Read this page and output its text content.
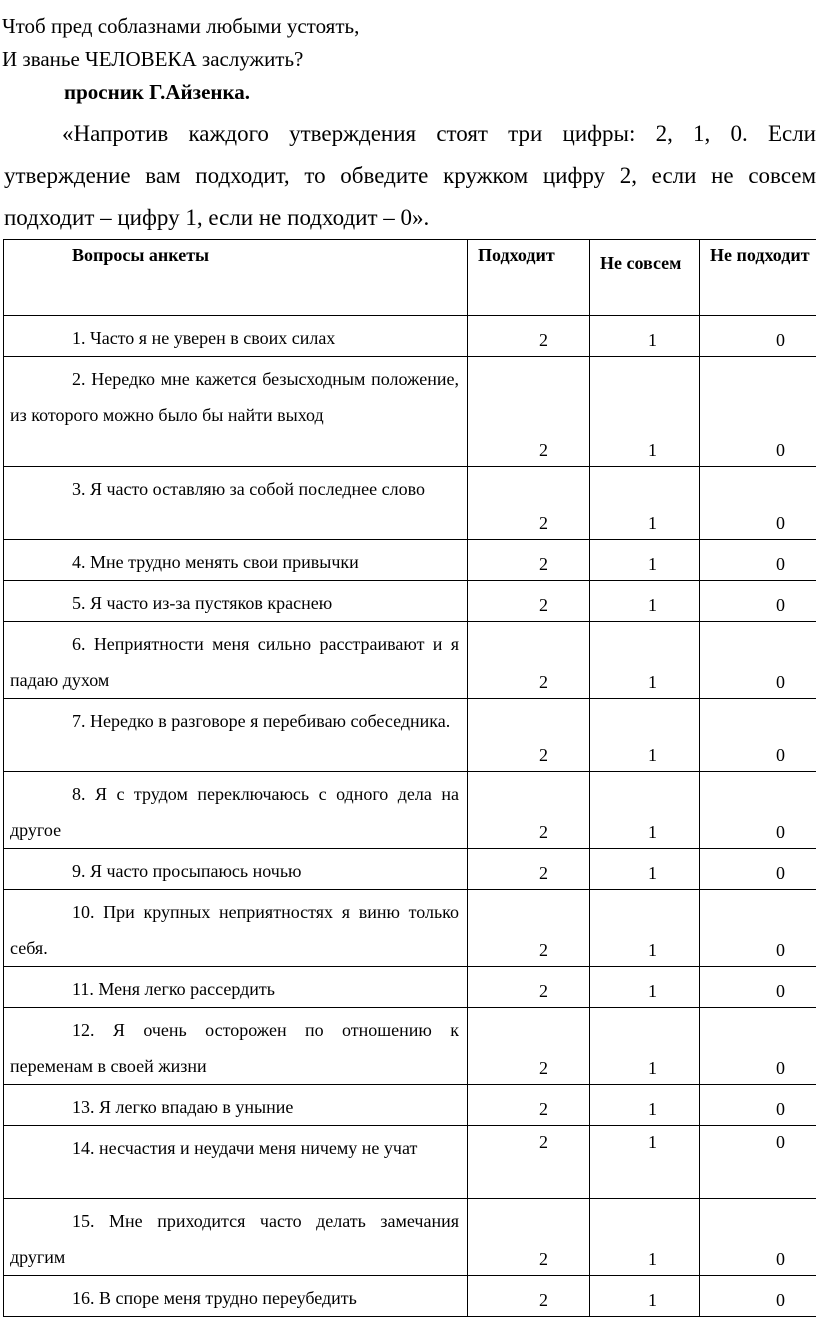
Чтоб пред соблазнами любыми устоять,
И званье ЧЕЛОВЕКА заслужить?
просник Г.Айзенка.
«Напротив каждого утверждения стоят три цифры: 2, 1, 0. Если утверждение вам подходит, то обведите кружком цифру 2, если не совсем подходит – цифру 1, если не подходит – 0».
Вопросы анкеты	Подходит	Не совсем	Не подходит

1. Часто я не уверен в своих силах	2	1	0

2. Нередко мне кажется безысходным положение, из которого можно было бы найти выход	2	1	0

3. Я часто оставляю за собой последнее слово	2	1	0

4. Мне трудно менять свои привычки	2	1	0

5. Я часто из-за пустяков краснею	2	1	0

6. Неприятности меня сильно расстраивают и я падаю духом	2	1	0

7. Нередко в разговоре я перебиваю собеседника.	2	1	0

8. Я с трудом переключаюсь с одного дела на другое	2	1	0

9. Я часто просыпаюсь ночью	2	1	0

10. При крупных неприятностях я виню только себя.	2	1	0

11. Меня легко рассердить	2	1	0

12. Я очень осторожен по отношению к переменам в своей жизни	2	1	0

13. Я легко впадаю в уныние	2	1	0

14. несчастия и неудачи меня ничему не учат	2	1	0

15. Мне приходится часто делать замечания другим	2	1	0

16. В споре меня трудно переубедить	2	1	0
